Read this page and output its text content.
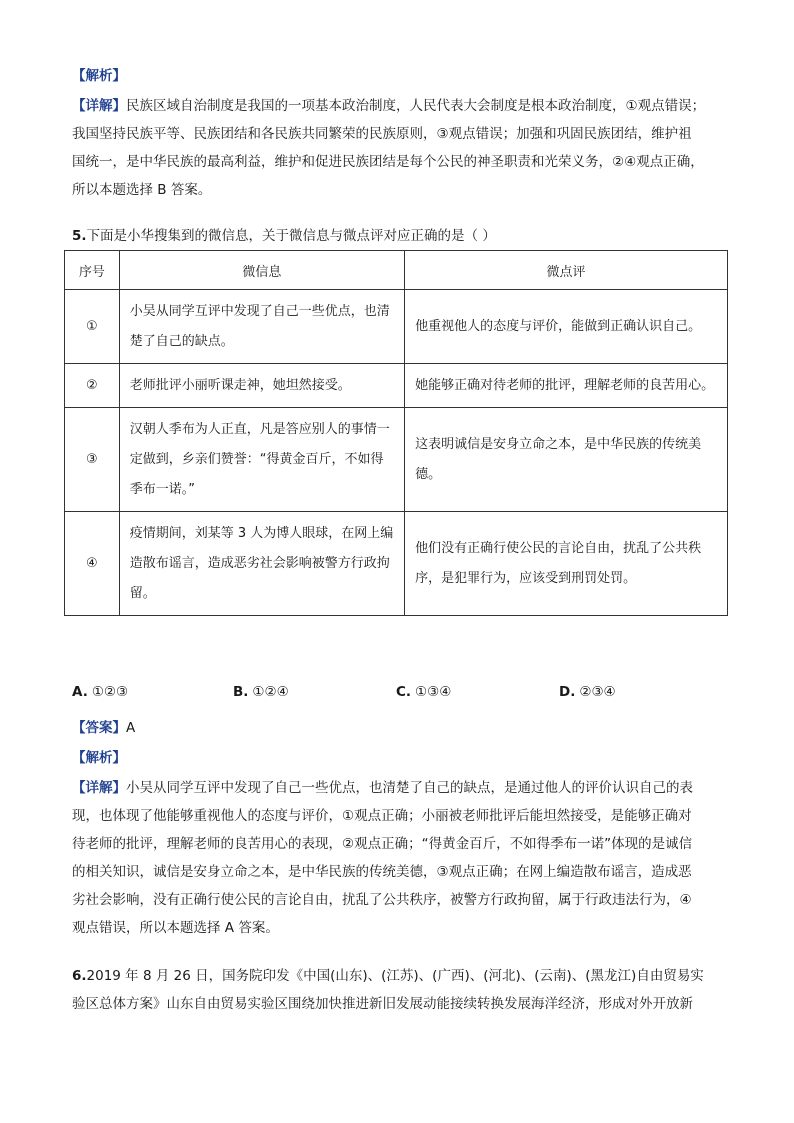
【解析】
【详解】民族区域自治制度是我国的一项基本政治制度，人民代表大会制度是根本政治制度，①观点错误；
我国坚持民族平等、民族团结和各民族共同繁荣的民族原则，③观点错误；加强和巩固民族团结，维护祖
国统一，是中华民族的最高利益，维护和促进民族团结是每个公民的神圣职责和光荣义务，②④观点正确，
所以本题选择 B 答案。
5.下面是小华搜集到的微信息，关于微信息与微点评对应正确的是（ ）
序号	微信息	微点评
①	小吴从同学互评中发现了自己一些优点，也清楚了自己的缺点。	他重视他人的态度与评价，能做到正确认识自己。
②	老师批评小丽听课走神，她坦然接受。	她能够正确对待老师的批评，理解老师的良苦用心。
③	汉朝人季布为人正直，凡是答应别人的事情一定做到，乡亲们赞誉：“得黄金百斤，不如得季布一诺。”	这表明诚信是安身立命之本，是中华民族的传统美德。
④	疫情期间，刘某等 3 人为博人眼球，在网上编造散布谣言，造成恶劣社会影响被警方行政拘留。	他们没有正确行使公民的言论自由，扰乱了公共秩序，是犯罪行为，应该受到刑罚处罚。
A. ①②③	B. ①②④	C. ①③④	D. ②③④
【答案】A
【解析】
【详解】小吴从同学互评中发现了自己一些优点，也清楚了自己的缺点，是通过他人的评价认识自己的表
现，也体现了他能够重视他人的态度与评价，①观点正确；小丽被老师批评后能坦然接受，是能够正确对
待老师的批评，理解老师的良苦用心的表现，②观点正确；“得黄金百斤，不如得季布一诺”体现的是诚信
的相关知识，诚信是安身立命之本，是中华民族的传统美德，③观点正确；在网上编造散布谣言，造成恶
劣社会影响，没有正确行使公民的言论自由，扰乱了公共秩序，被警方行政拘留，属于行政违法行为，④
观点错误，所以本题选择 A 答案。
6.2019 年 8 月 26 日，国务院印发《中国(山东)、(江苏)、(广西)、(河北)、(云南)、(黑龙江)自由贸易实
验区总体方案》山东自由贸易实验区围绕加快推进新旧发展动能接续转换发展海洋经济，形成对外开放新
